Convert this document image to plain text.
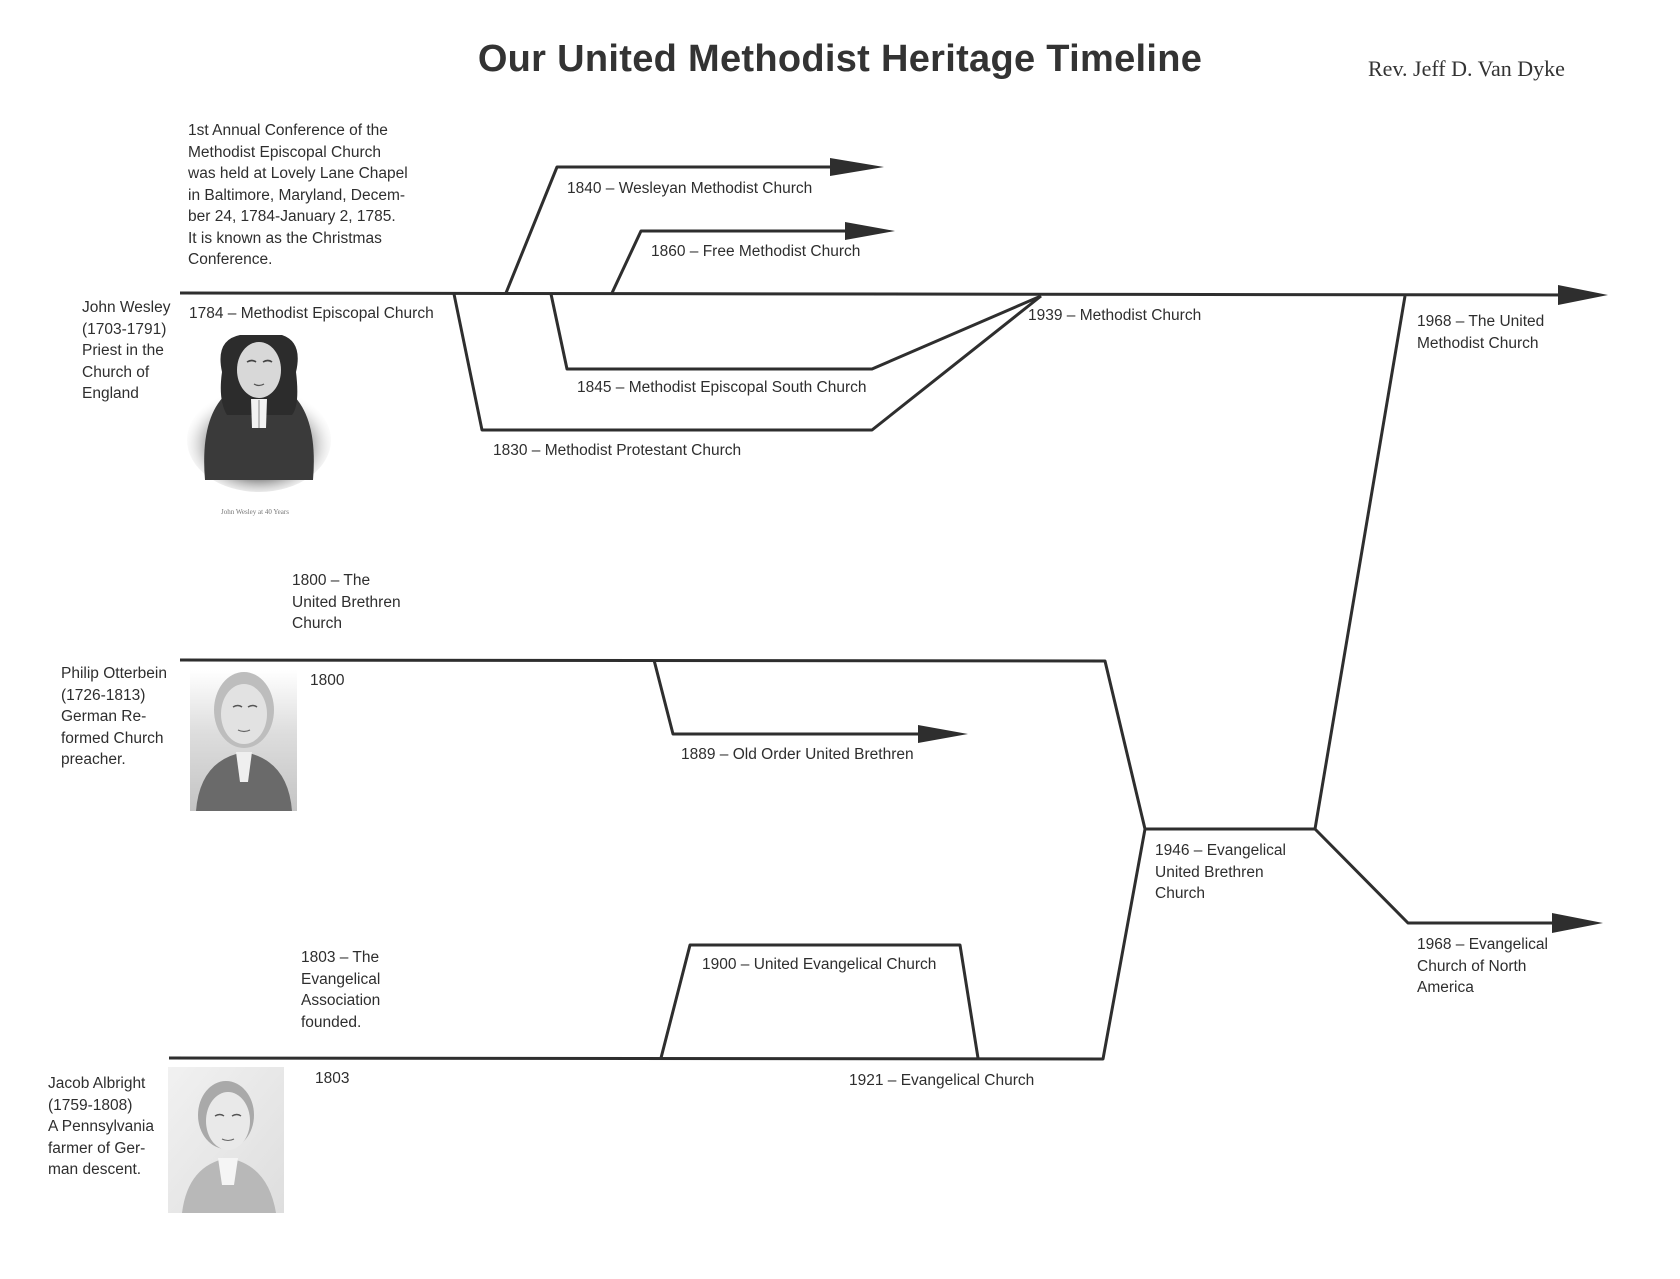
Our United Methodist Heritage Timeline	Rev. Jeff D. Van Dyke
1st Annual Conference of the
Methodist Episcopal Church
was held at Lovely Lane Chapel
in Baltimore, Maryland, Decem-
ber 24, 1784-January 2, 1785.
It is known as the Christmas
Conference.
John Wesley
(1703-1791)
Priest in the
Church of
England
John Wesley at 40 Years
Philip Otterbein
(1726-1813)
German Re-
formed Church
preacher.
Jacob Albright
(1759-1808)
A Pennsylvania
farmer of Ger-
man descent.
1784 – Methodist Episcopal Church
1840 – Wesleyan Methodist Church
1860 – Free Methodist Church
1845 – Methodist Episcopal South Church
1830 – Methodist Protestant Church
1939 – Methodist Church	1968 – The United
Methodist Church
1800 – The
United Brethren
Church
1800
1889 – Old Order United Brethren
1946 – Evangelical
United Brethren
Church
1968 – Evangelical
Church of North
America
1803 – The
Evangelical
Association
founded.
1803
1900 – United Evangelical Church
1921 – Evangelical Church
